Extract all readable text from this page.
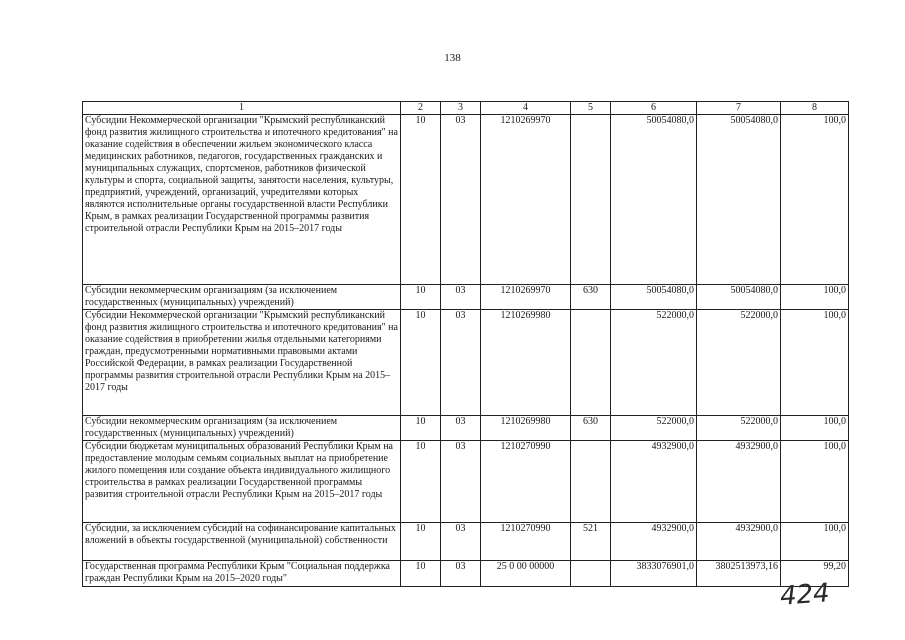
138
1	2	3	4	5	6	7	8
Субсидии Некоммерческой организации "Крымский республиканский фонд развития жилищного строительства и ипотечного кредитования" на оказание содействия в обеспечении жильем экономического класса медицинских работников, педагогов, государственных гражданских и муниципальных служащих, спортсменов, работников физической культуры и спорта, социальной защиты, занятости населения, культуры, предприятий, учреждений, организаций, учредителями которых являются исполнительные органы государственной власти Республики Крым, в рамках реализации Государственной программы развития строительной отрасли Республики Крым на 2015–2017 годы	10	03	1210269970		50054080,0	50054080,0	100,0
Субсидии некоммерческим организациям (за исключением государственных (муниципальных) учреждений)	10	03	1210269970	630	50054080,0	50054080,0	100,0
Субсидии Некоммерческой организации "Крымский республиканский фонд развития жилищного строительства и ипотечного кредитования" на оказание содействия в приобретении жилья отдельными категориями граждан, предусмотренными нормативными правовыми актами Российской Федерации, в рамках реализации Государственной программы развития строительной отрасли Республики Крым на 2015–2017 годы	10	03	1210269980		522000,0	522000,0	100,0
Субсидии некоммерческим организациям (за исключением государственных (муниципальных) учреждений)	10	03	1210269980	630	522000,0	522000,0	100,0
Субсидии бюджетам муниципальных образований Республики Крым на предоставление молодым семьям социальных выплат на приобретение жилого помещения или создание объекта индивидуального жилищного строительства в рамках реализации Государственной программы развития строительной отрасли Республики Крым на 2015–2017 годы	10	03	1210270990		4932900,0	4932900,0	100,0
Субсидии, за исключением субсидий на софинансирование капитальных вложений в объекты государственной (муниципальной) собственности	10	03	1210270990	521	4932900,0	4932900,0	100,0
Государственная программа Республики Крым "Социальная поддержка граждан Республики Крым на 2015–2020 годы"	10	03	25 0 00 00000		3833076901,0	3802513973,16	99,20
424
